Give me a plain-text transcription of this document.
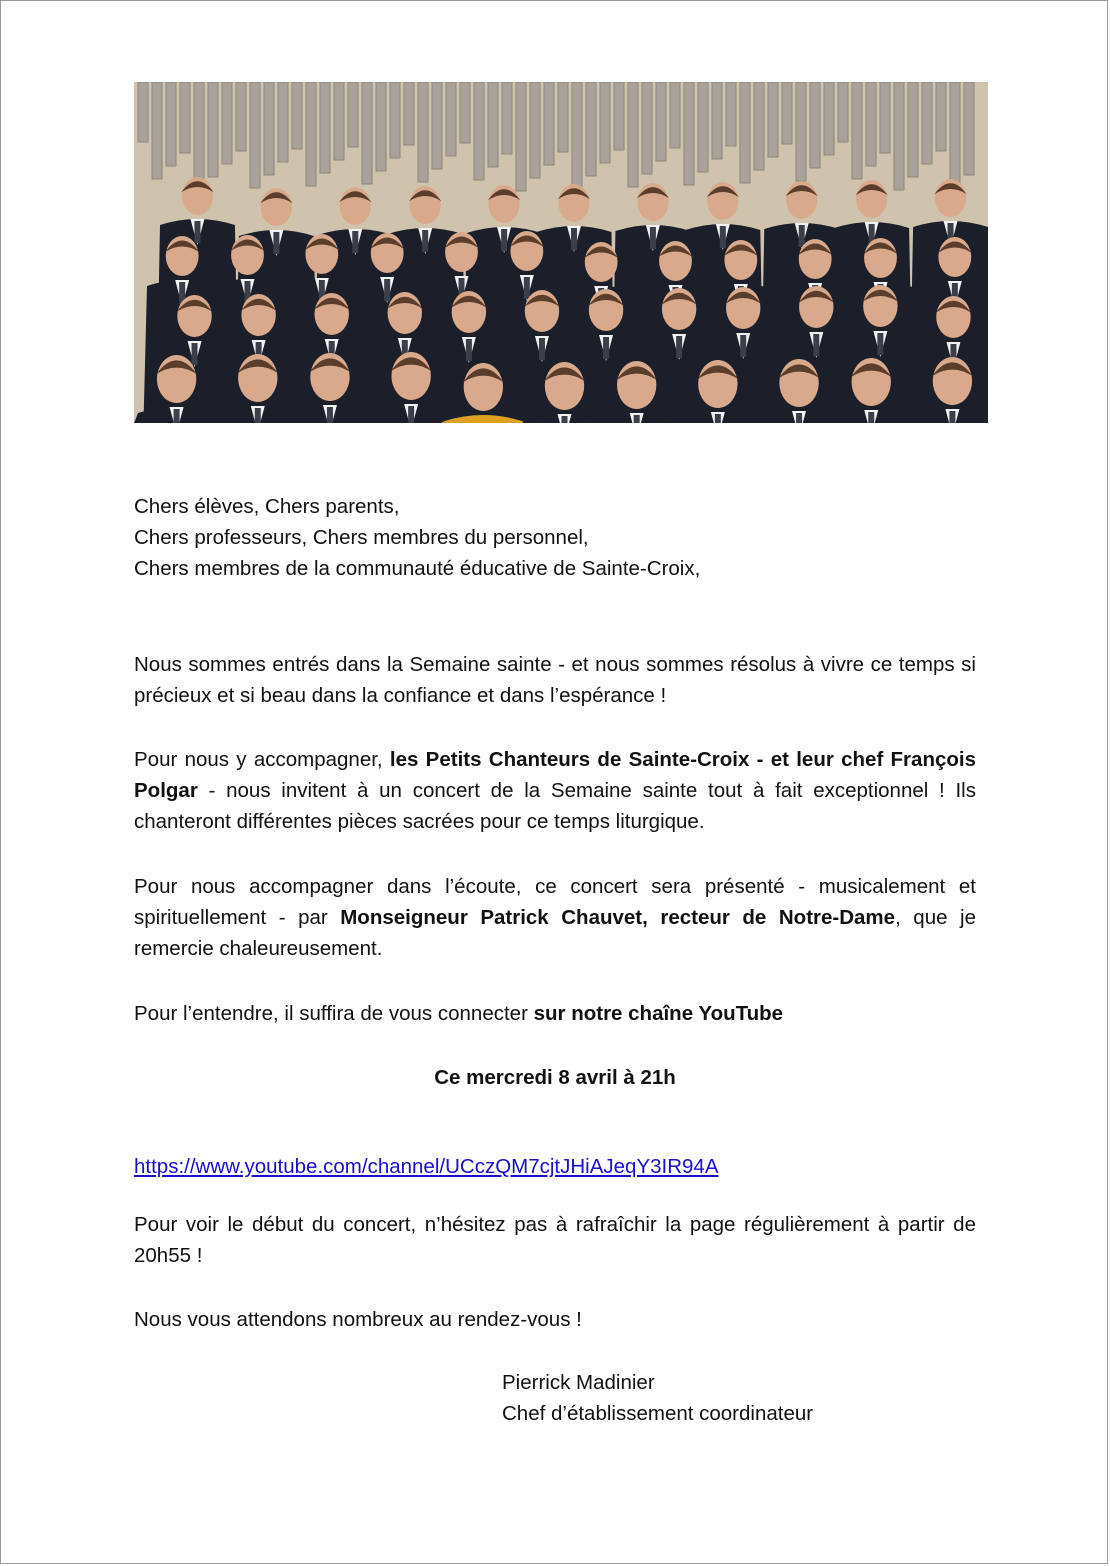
Chers élèves, Chers parents,

Chers professeurs, Chers membres du personnel,

Chers membres de la communauté éducative de Sainte-Croix,

Nous sommes entrés dans la Semaine sainte - et nous sommes résolus à vivre ce temps si précieux et si beau dans la confiance et dans l’espérance !

Pour nous y accompagner, les Petits Chanteurs de Sainte-Croix - et leur chef François Polgar - nous invitent à un concert de la Semaine sainte tout à fait exceptionnel ! Ils chanteront différentes pièces sacrées pour ce temps liturgique.

Pour nous accompagner dans l’écoute, ce concert sera présenté - musicalement et spirituellement - par Monseigneur Patrick Chauvet, recteur de Notre-Dame, que je remercie chaleureusement.

Pour l’entendre, il suffira de vous connecter sur notre chaîne YouTube

Ce mercredi 8 avril à 21h

https://www.youtube.com/channel/UCczQM7cjtJHiAJeqY3IR94A

Pour voir le début du concert, n’hésitez pas à rafraîchir la page régulièrement à partir de 20h55 !

Nous vous attendons nombreux au rendez-vous !

Pierrick Madinier

Chef d’établissement coordinateur
